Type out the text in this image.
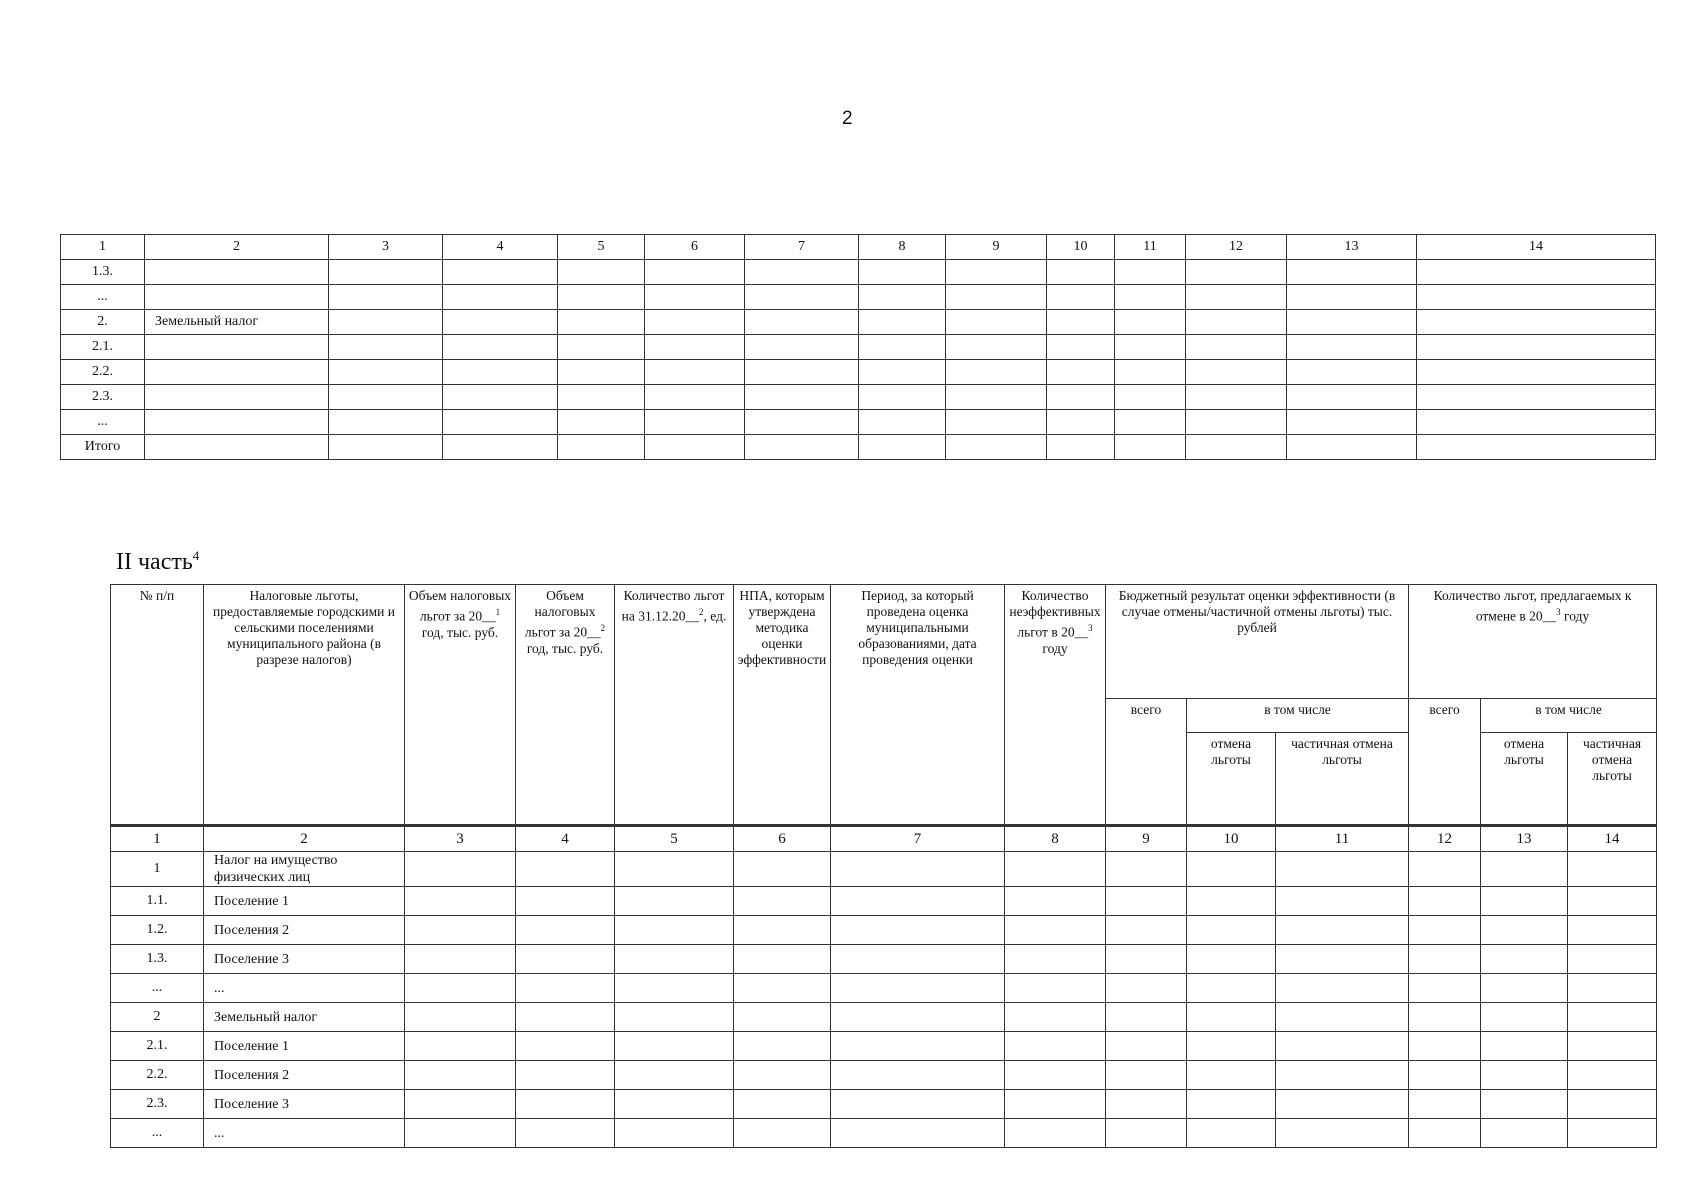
2
1	2	3	4	5	6	7	8	9	10	11	12	13	14
1.3.													
...													
2.	Земельный налог												
2.1.													
2.2.													
2.3.													
...													
Итого													
II часть$^4$
№ п/п	Налоговые льготы, предоставляемые городскими и сельскими поселениями муниципального района (в разрезе налогов)	Объем налоговых льгот за 20__$^1$ год, тыс. руб.	Объем налоговых льгот за 20__$^2$ год, тыс. руб.	Количество льгот на 31.12.20__$^2$, ед.	НПА, которым утверждена методика оценки эффективности	Период, за который проведена оценка муниципальными образованиями, дата проведения оценки	Количество неэффективных льгот в 20__$^3$ году	Бюджетный результат оценки эффективности (в случае отмены/частичной отмены льготы) тыс. рублей			Количество льгот, предлагаемых к отмене в 20__$^3$ году		
								всего	в том числе		всего	в том числе	
									отмена льготы	частичная отмена льготы		отмена льготы	частичная отмена льготы
1	2	3	4	5	6	7	8	9	10	11	12	13	14
1	Налог на имущество физических лиц												
1.1.	Поселение 1												
1.2.	Поселения 2												
1.3.	Поселение 3												
...	...												
2	Земельный налог												
2.1.	Поселение 1												
2.2.	Поселения 2												
2.3.	Поселение 3												
...	...												
